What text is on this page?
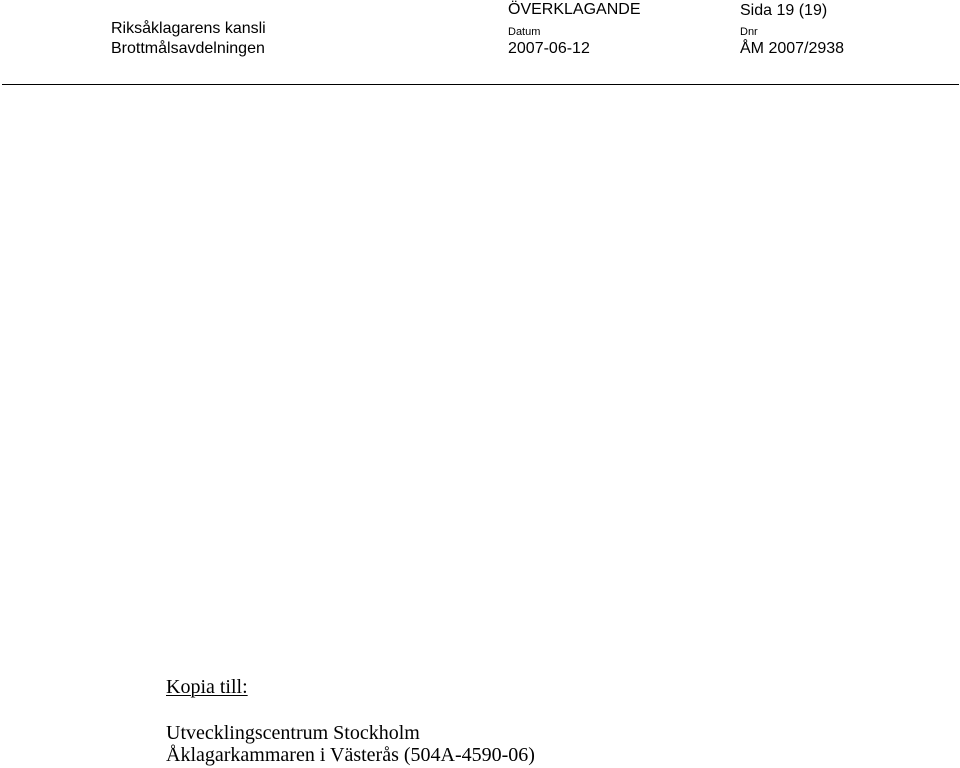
Riksåklagarens kansli
Brottmålsavdelningen
ÖVERKLAGANDE
Datum
2007-06-12
Sida 19 (19)
Dnr
ÅM 2007/2938
Kopia till:
Utvecklingscentrum Stockholm
Åklagarkammaren i Västerås (504A-4590-06)
